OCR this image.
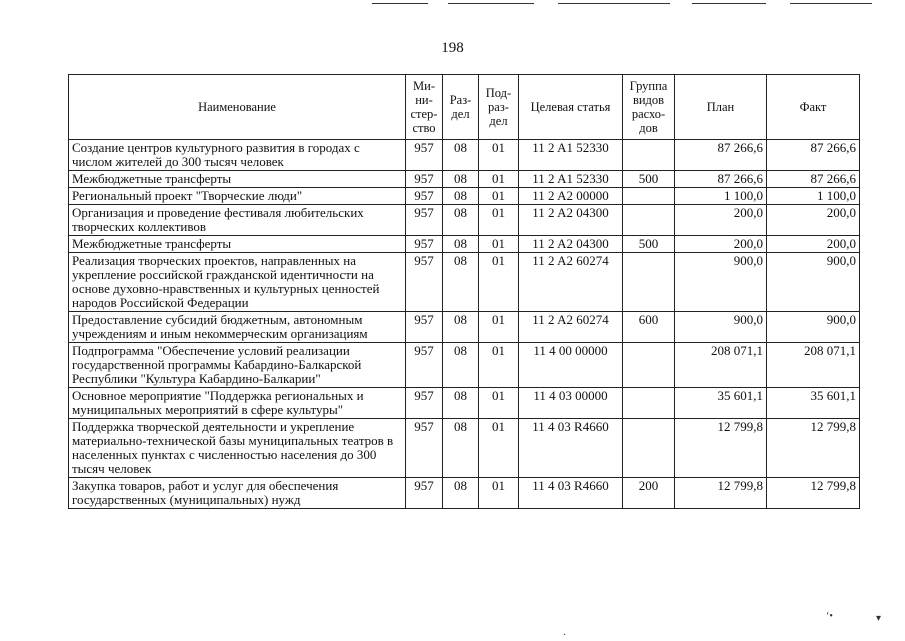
198
Наименование	Ми-ни-стер-ство	Раз-дел	Под-раз-дел	Целевая статья	Группа видов расхо-дов	План	Факт
Создание центров культурного развития в городах с числом жителей до 300 тысяч человек	957	08	01	11 2 A1 52330		87 266,6	87 266,6
Межбюджетные трансферты	957	08	01	11 2 A1 52330	500	87 266,6	87 266,6
Региональный проект "Творческие люди"	957	08	01	11 2 A2 00000		1 100,0	1 100,0
Организация и проведение фестиваля любительских творческих коллективов	957	08	01	11 2 A2 04300		200,0	200,0
Межбюджетные трансферты	957	08	01	11 2 A2 04300	500	200,0	200,0
Реализация творческих проектов, направленных на укрепление российской гражданской идентичности на основе духовно-нравственных и культурных ценностей народов Российской Федерации	957	08	01	11 2 A2 60274		900,0	900,0
Предоставление субсидий бюджетным, автономным учреждениям и иным некоммерческим организациям	957	08	01	11 2 A2 60274	600	900,0	900,0
Подпрограмма "Обеспечение условий реализации государственной программы Кабардино-Балкарской Республики "Культура Кабардино-Балкарии"	957	08	01	11 4 00 00000		208 071,1	208 071,1
Основное мероприятие "Поддержка региональных и муниципальных мероприятий в сфере культуры"	957	08	01	11 4 03 00000		35 601,1	35 601,1
Поддержка творческой деятельности и укрепление материально-технической базы муниципальных театров в населенных пунктах с численностью населения до 300 тысяч человек	957	08	01	11 4 03 R4660		12 799,8	12 799,8
Закупка товаров, работ и услуг для обеспечения государственных (муниципальных) нужд	957	08	01	11 4 03 R4660	200	12 799,8	12 799,8
‘•	▾
·
